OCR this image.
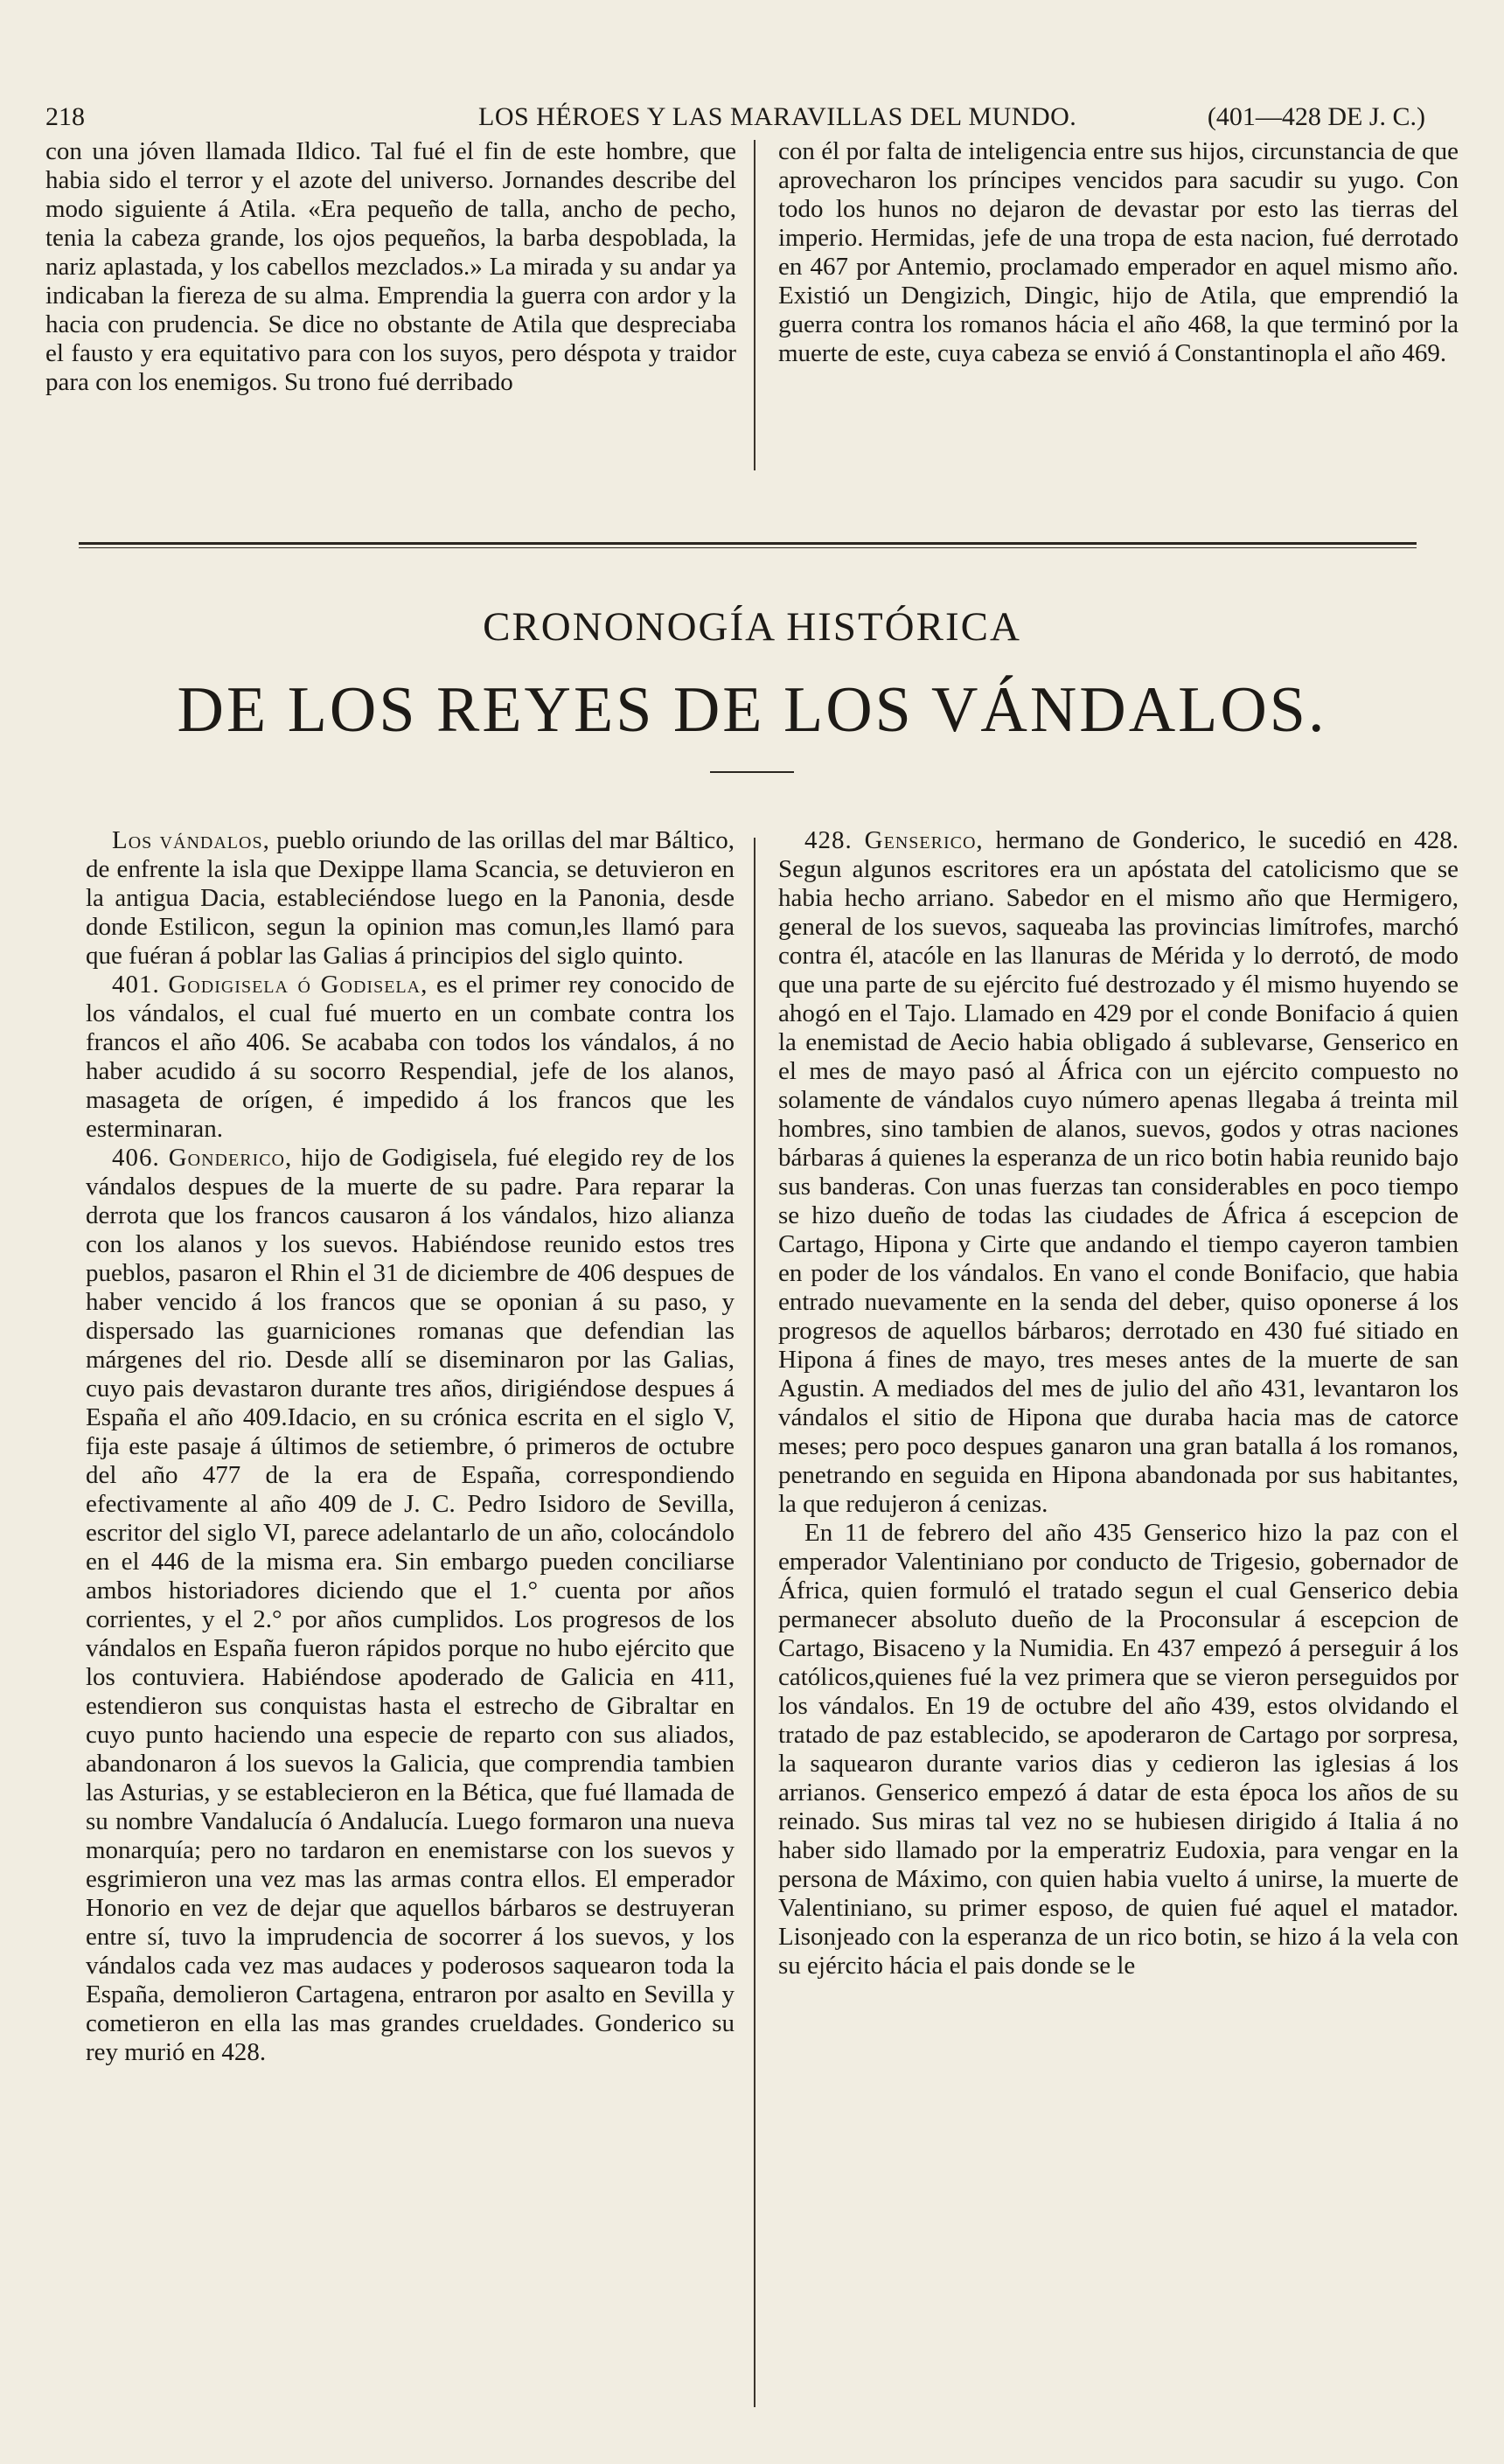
218	LOS HÉROES Y LAS MARAVILLAS DEL MUNDO.	(401—428 DE J. C.)

con una jóven llamada Ildico. Tal fué el fin de este hombre, que habia sido el terror y el azote del universo. Jornandes describe del modo siguiente á Atila. «Era pequeño de talla, ancho de pecho, tenia la cabeza grande, los ojos pequeños, la barba despoblada, la nariz aplastada, y los cabellos mezclados.» La mirada y su andar ya indicaban la fiereza de su alma. Emprendia la guerra con ardor y la hacia con prudencia. Se dice no obstante de Atila que despreciaba el fausto y era equitativo para con los suyos, pero déspota y traidor para con los enemigos. Su trono fué derribado

con él por falta de inteligencia entre sus hijos, circunstancia de que aprovecharon los príncipes vencidos para sacudir su yugo. Con todo los hunos no dejaron de devastar por esto las tierras del imperio. Hermidas, jefe de una tropa de esta nacion, fué derrotado en 467 por Antemio, proclamado emperador en aquel mismo año. Existió un Dengizich, Dingic, hijo de Atila, que emprendió la guerra contra los romanos hácia el año 468, la que terminó por la muerte de este, cuya cabeza se envió á Constantinopla el año 469.

CRONONOGÍA HISTÓRICA
DE LOS REYES DE LOS VÁNDALOS.

Los vándalos, pueblo oriundo de las orillas del mar Báltico, de enfrente la isla que Dexippe llama Scancia, se detuvieron en la antigua Dacia, estableciéndose luego en la Panonia, desde donde Estilicon, segun la opinion mas comun,les llamó para que fuéran á poblar las Galias á principios del siglo quinto.

401. Godigisela ó Godisela, es el primer rey conocido de los vándalos, el cual fué muerto en un combate contra los francos el año 406. Se acababa con todos los vándalos, á no haber acudido á su socorro Respendial, jefe de los alanos, masageta de orígen, é impedido á los francos que les esterminaran.

406. Gonderico, hijo de Godigisela, fué elegido rey de los vándalos despues de la muerte de su padre. Para reparar la derrota que los francos causaron á los vándalos, hizo alianza con los alanos y los suevos. Habiéndose reunido estos tres pueblos, pasaron el Rhin el 31 de diciembre de 406 despues de haber vencido á los francos que se oponian á su paso, y dispersado las guarniciones romanas que defendian las márgenes del rio. Desde allí se diseminaron por las Galias, cuyo pais devastaron durante tres años, dirigiéndose despues á España el año 409.Idacio, en su crónica escrita en el siglo V, fija este pasaje á últimos de setiembre, ó primeros de octubre del año 477 de la era de España, correspondiendo efectivamente al año 409 de J. C. Pedro Isidoro de Sevilla, escritor del siglo VI, parece adelantarlo de un año, colocándolo en el 446 de la misma era. Sin embargo pueden conciliarse ambos historiadores diciendo que el 1.° cuenta por años corrientes, y el 2.° por años cumplidos. Los progresos de los vándalos en España fueron rápidos porque no hubo ejército que los contuviera. Habiéndose apoderado de Galicia en 411, estendieron sus conquistas hasta el estrecho de Gibraltar en cuyo punto haciendo una especie de reparto con sus aliados, abandonaron á los suevos la Galicia, que comprendia tambien las Asturias, y se establecieron en la Bética, que fué llamada de su nombre Vandalucía ó Andalucía. Luego formaron una nueva monarquía; pero no tardaron en enemistarse con los suevos y esgrimieron una vez mas las armas contra ellos. El emperador Honorio en vez de dejar que aquellos bárbaros se destruyeran entre sí, tuvo la imprudencia de socorrer á los suevos, y los vándalos cada vez mas audaces y poderosos saquearon toda la España, demolieron Cartagena, entraron por asalto en Sevilla y cometieron en ella las mas grandes crueldades. Gonderico su rey murió en 428.

428. Genserico, hermano de Gonderico, le sucedió en 428. Segun algunos escritores era un apóstata del catolicismo que se habia hecho arriano. Sabedor en el mismo año que Hermigero, general de los suevos, saqueaba las provincias limítrofes, marchó contra él, atacóle en las llanuras de Mérida y lo derrotó, de modo que una parte de su ejército fué destrozado y él mismo huyendo se ahogó en el Tajo. Llamado en 429 por el conde Bonifacio á quien la enemistad de Aecio habia obligado á sublevarse, Genserico en el mes de mayo pasó al África con un ejército compuesto no solamente de vándalos cuyo número apenas llegaba á treinta mil hombres, sino tambien de alanos, suevos, godos y otras naciones bárbaras á quienes la esperanza de un rico botin habia reunido bajo sus banderas. Con unas fuerzas tan considerables en poco tiempo se hizo dueño de todas las ciudades de África á escepcion de Cartago, Hipona y Cirte que andando el tiempo cayeron tambien en poder de los vándalos. En vano el conde Bonifacio, que habia entrado nuevamente en la senda del deber, quiso oponerse á los progresos de aquellos bárbaros; derrotado en 430 fué sitiado en Hipona á fines de mayo, tres meses antes de la muerte de san Agustin. A mediados del mes de julio del año 431, levantaron los vándalos el sitio de Hipona que duraba hacia mas de catorce meses; pero poco despues ganaron una gran batalla á los romanos, penetrando en seguida en Hipona abandonada por sus habitantes, la que redujeron á cenizas.

En 11 de febrero del año 435 Genserico hizo la paz con el emperador Valentiniano por conducto de Trigesio, gobernador de África, quien formuló el tratado segun el cual Genserico debia permanecer absoluto dueño de la Proconsular á escepcion de Cartago, Bisaceno y la Numidia. En 437 empezó á perseguir á los católicos,quienes fué la vez primera que se vieron perseguidos por los vándalos. En 19 de octubre del año 439, estos olvidando el tratado de paz establecido, se apoderaron de Cartago por sorpresa, la saquearon durante varios dias y cedieron las iglesias á los arrianos. Genserico empezó á datar de esta época los años de su reinado. Sus miras tal vez no se hubiesen dirigido á Italia á no haber sido llamado por la emperatriz Eudoxia, para vengar en la persona de Máximo, con quien habia vuelto á unirse, la muerte de Valentiniano, su primer esposo, de quien fué aquel el matador. Lisonjeado con la esperanza de un rico botin, se hizo á la vela con su ejército hácia el pais donde se le
